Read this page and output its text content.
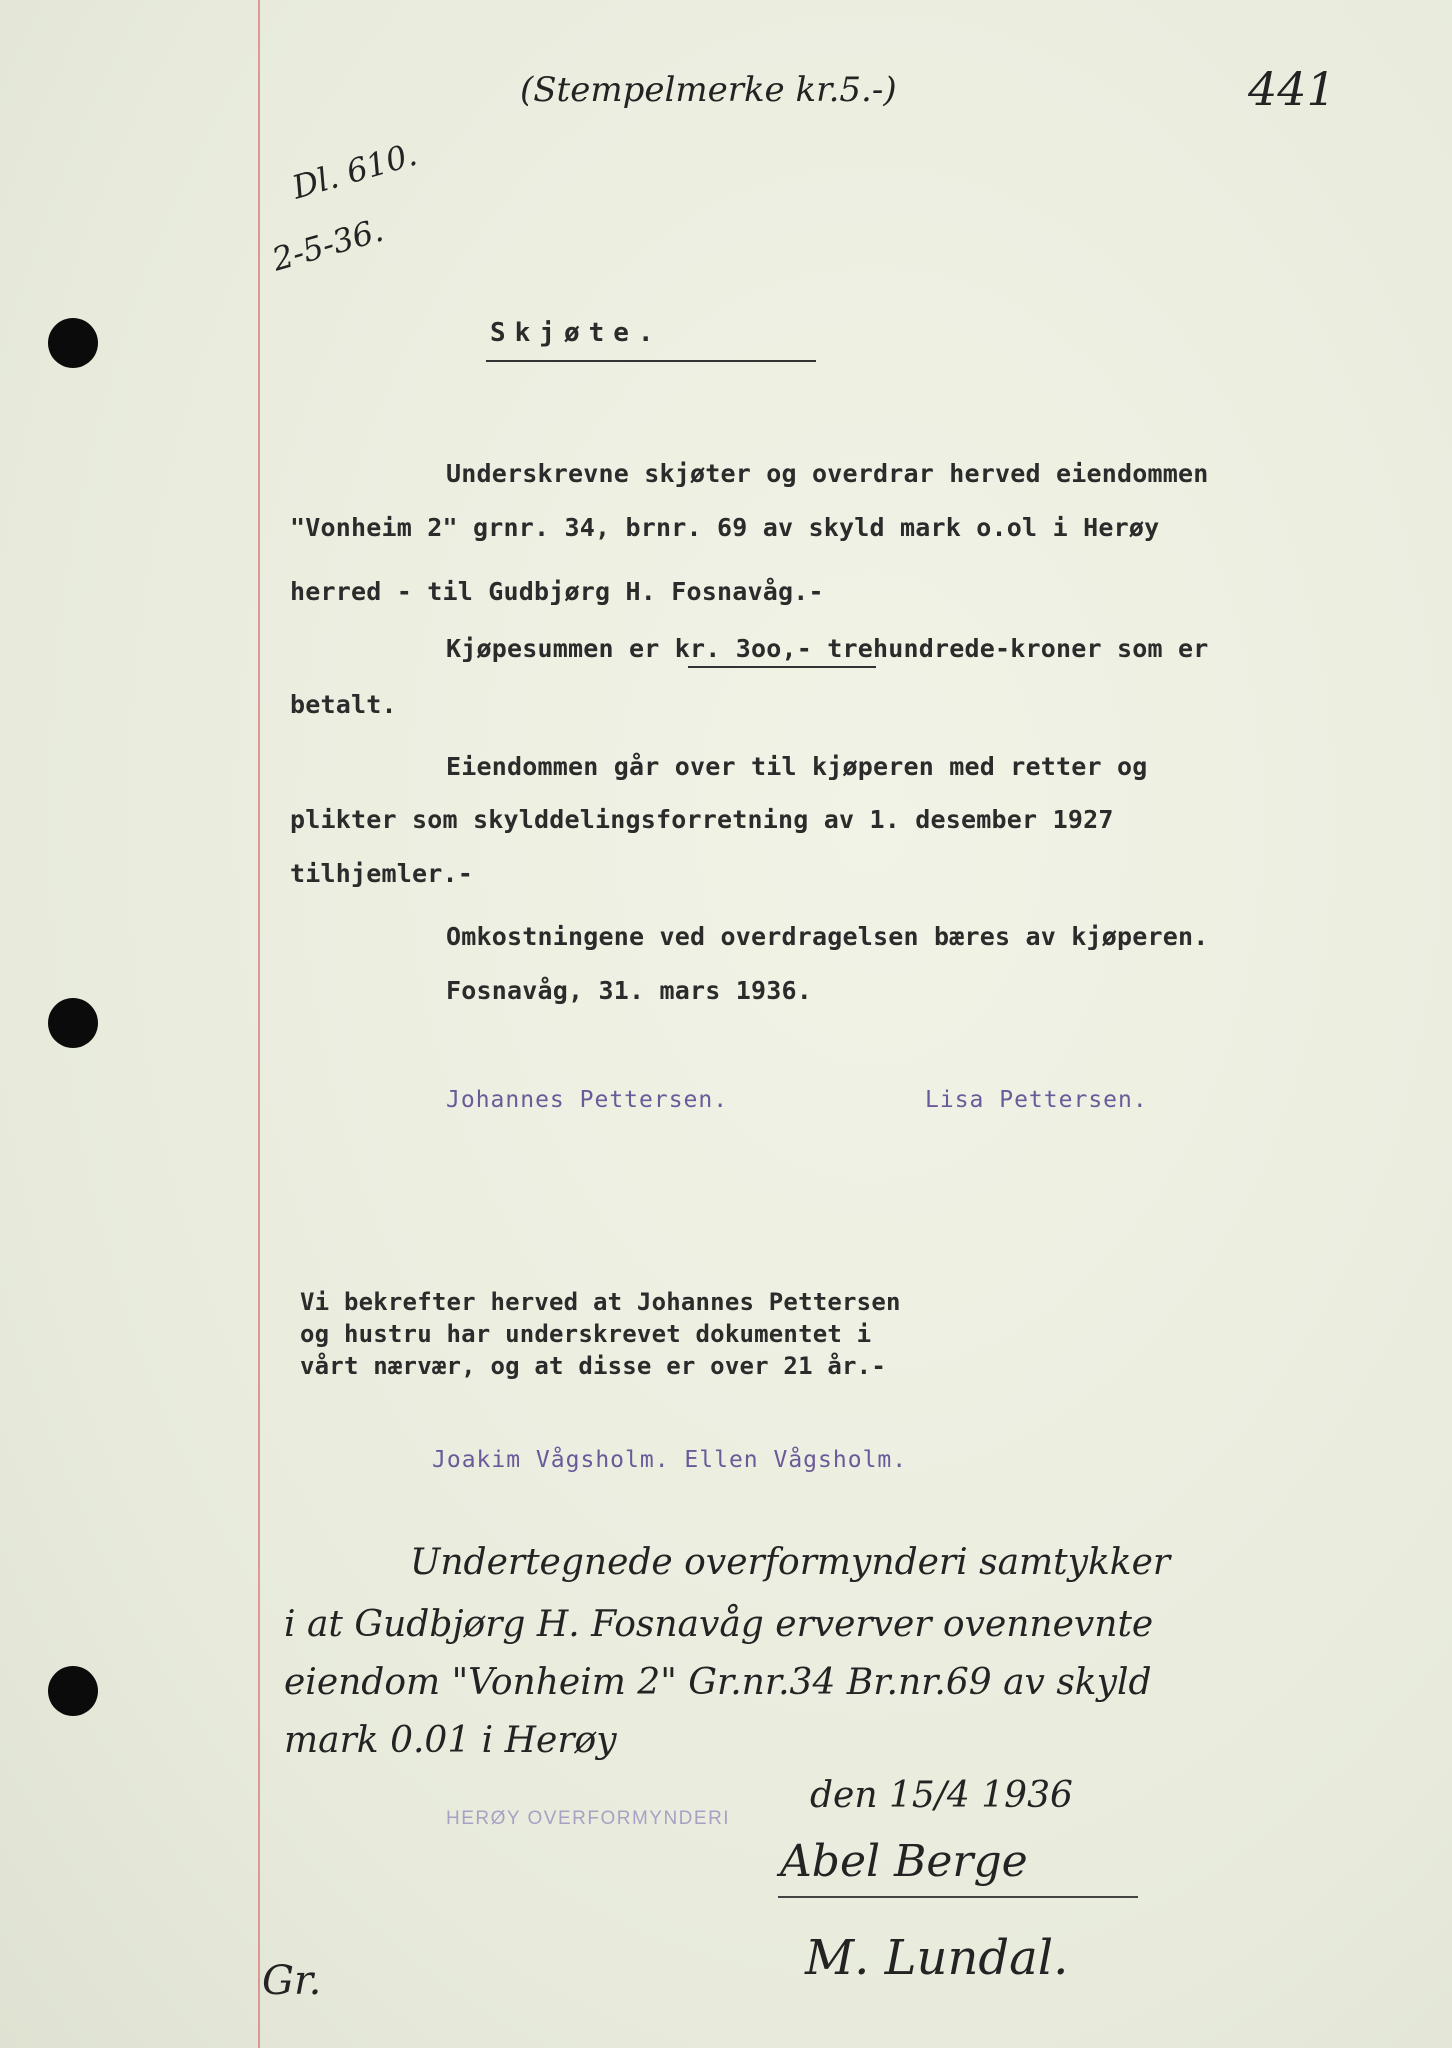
(Stempelmerke kr.5.-)	441
Dl. 610.
2-5-36.
Skjøte.
Underskrevne skjøter og overdrar herved eiendommen
"Vonheim 2" grnr. 34, brnr. 69 av skyld mark o.ol i Herøy
herred - til Gudbjørg H. Fosnavåg.-
Kjøpesummen er kr. 3oo,- trehundrede-kroner som er
betalt.
Eiendommen går over til kjøperen med retter og
plikter som skylddelingsforretning av 1. desember 1927
tilhjemler.-
Omkostningene ved overdragelsen bæres av kjøperen.
Fosnavåg, 31. mars 1936.
Johannes Pettersen.	Lisa Pettersen.
Vi bekrefter herved at Johannes Pettersen
og hustru har underskrevet dokumentet i
vårt nærvær, og at disse er over 21 år.-
Joakim Vågsholm. Ellen Vågsholm.
Undertegnede overformynderi samtykker
i at Gudbjørg H. Fosnavåg erverver ovennevnte
eiendom "Vonheim 2" Gr.nr.34 Br.nr.69 av skyld
mark 0.01 i Herøy
HERØY OVERFORMYNDERI
den 15/4 1936
Abel Berge
M. Lundal.
Gr.
